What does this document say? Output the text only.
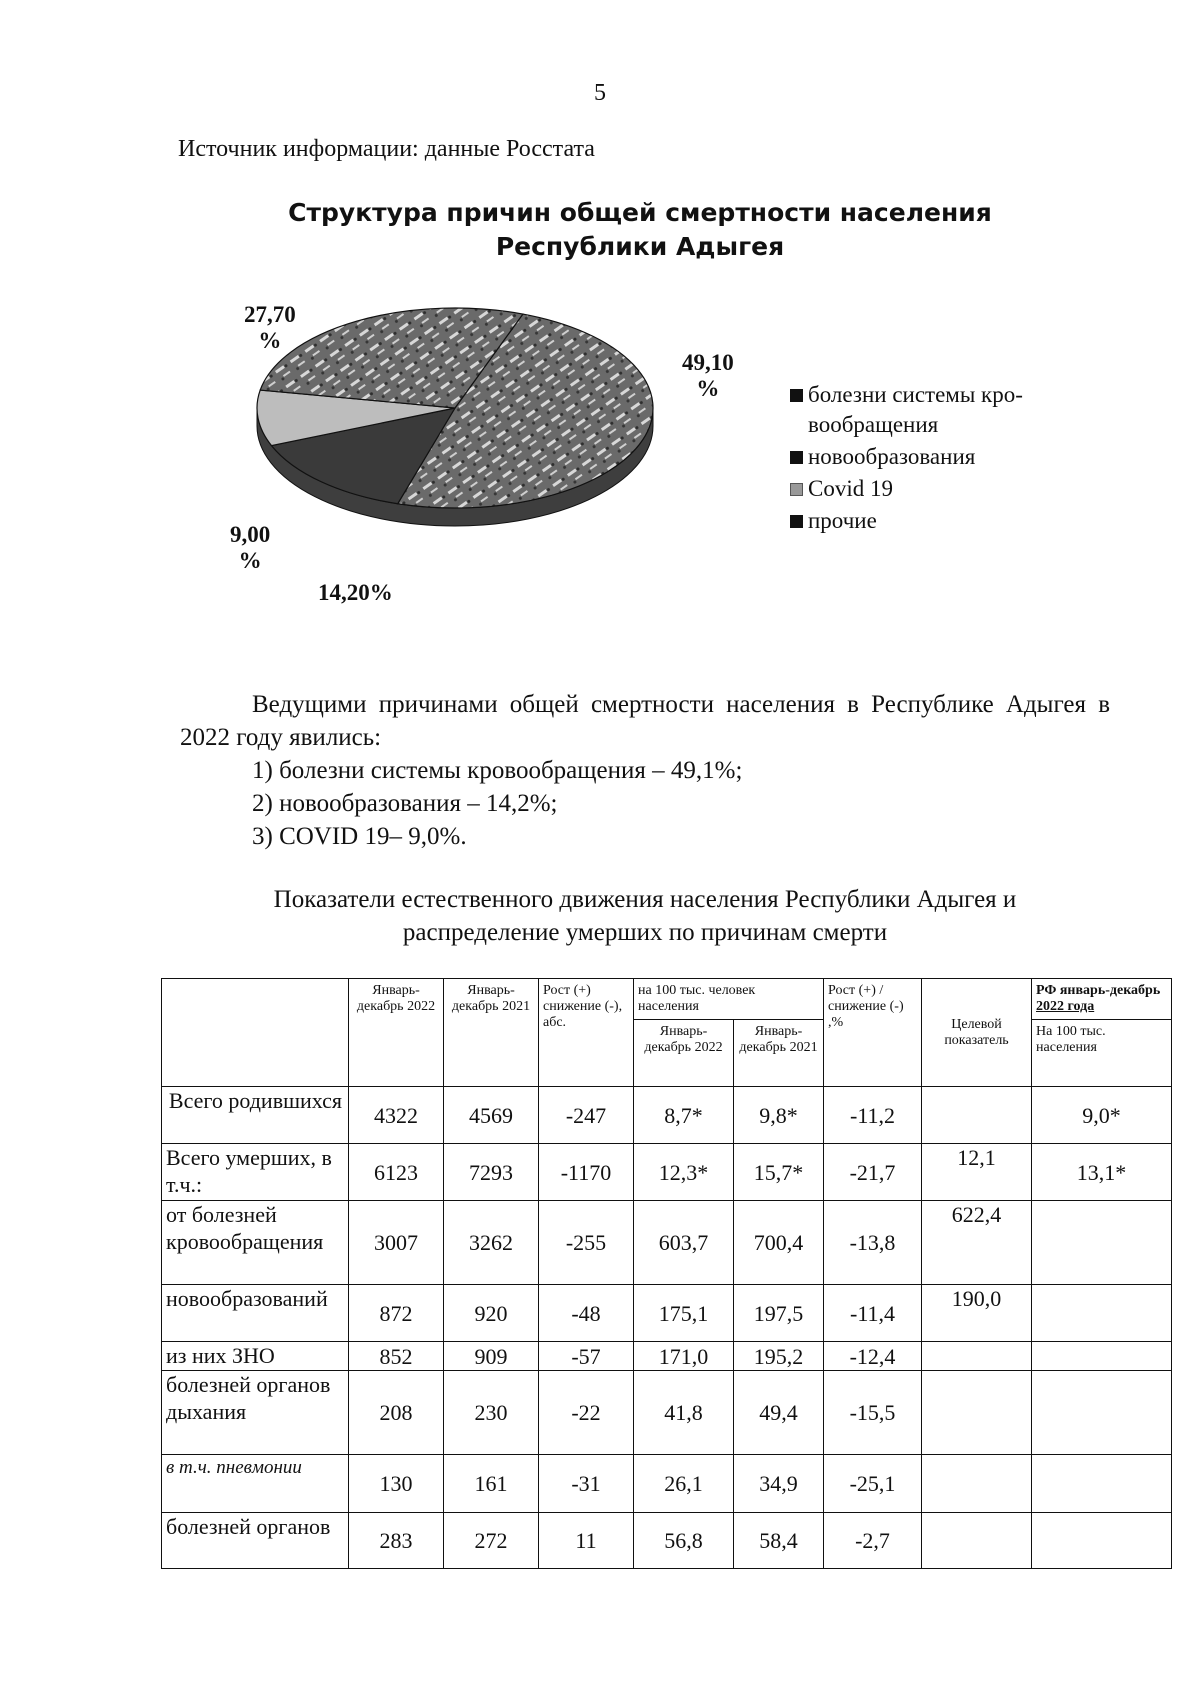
5
Источник информации: данные Росстата
Структура причин общей смертности населения
Республики Адыгея
49,10
%
14,20%
9,00
%
27,70
%
болезни системы кро-вообращения
новообразования
Covid 19
прочие

Ведущими причинами общей смертности населения в Республике Адыгея в 2022 году явились:

1) болезни системы кровообращения – 49,1%;

2) новообразования – 14,2%;

3) COVID 19– 9,0%.

Показатели естественного движения населения Республики Адыгея и
распределение умерших по причинам смерти
	Январь-декабрь 2022	Январь-декабрь 2021	Рост (+) снижение (-), абс.	на 100 тыс. человек населения		Рост (+) / снижение (-) ,%	Целевой показатель	РФ январь-декабрь 2022 года
				Январь-декабрь 2022	Январь-декабрь 2021			На 100 тыс. населения
Всего родившихся	4322	4569	-247	8,7*	9,8*	-11,2		9,0*
Всего умерших, в т.ч.:	6123	7293	-1170	12,3*	15,7*	-21,7	12,1	13,1*
от болезней кровообращения	3007	3262	-255	603,7	700,4	-13,8	622,4	
новообразований	872	920	-48	175,1	197,5	-11,4	190,0	
из них ЗНО	852	909	-57	171,0	195,2	-12,4		
болезней органов дыхания	208	230	-22	41,8	49,4	-15,5		
в т.ч. пневмонии	130	161	-31	26,1	34,9	-25,1		
болезней органов	283	272	11	56,8	58,4	-2,7		
